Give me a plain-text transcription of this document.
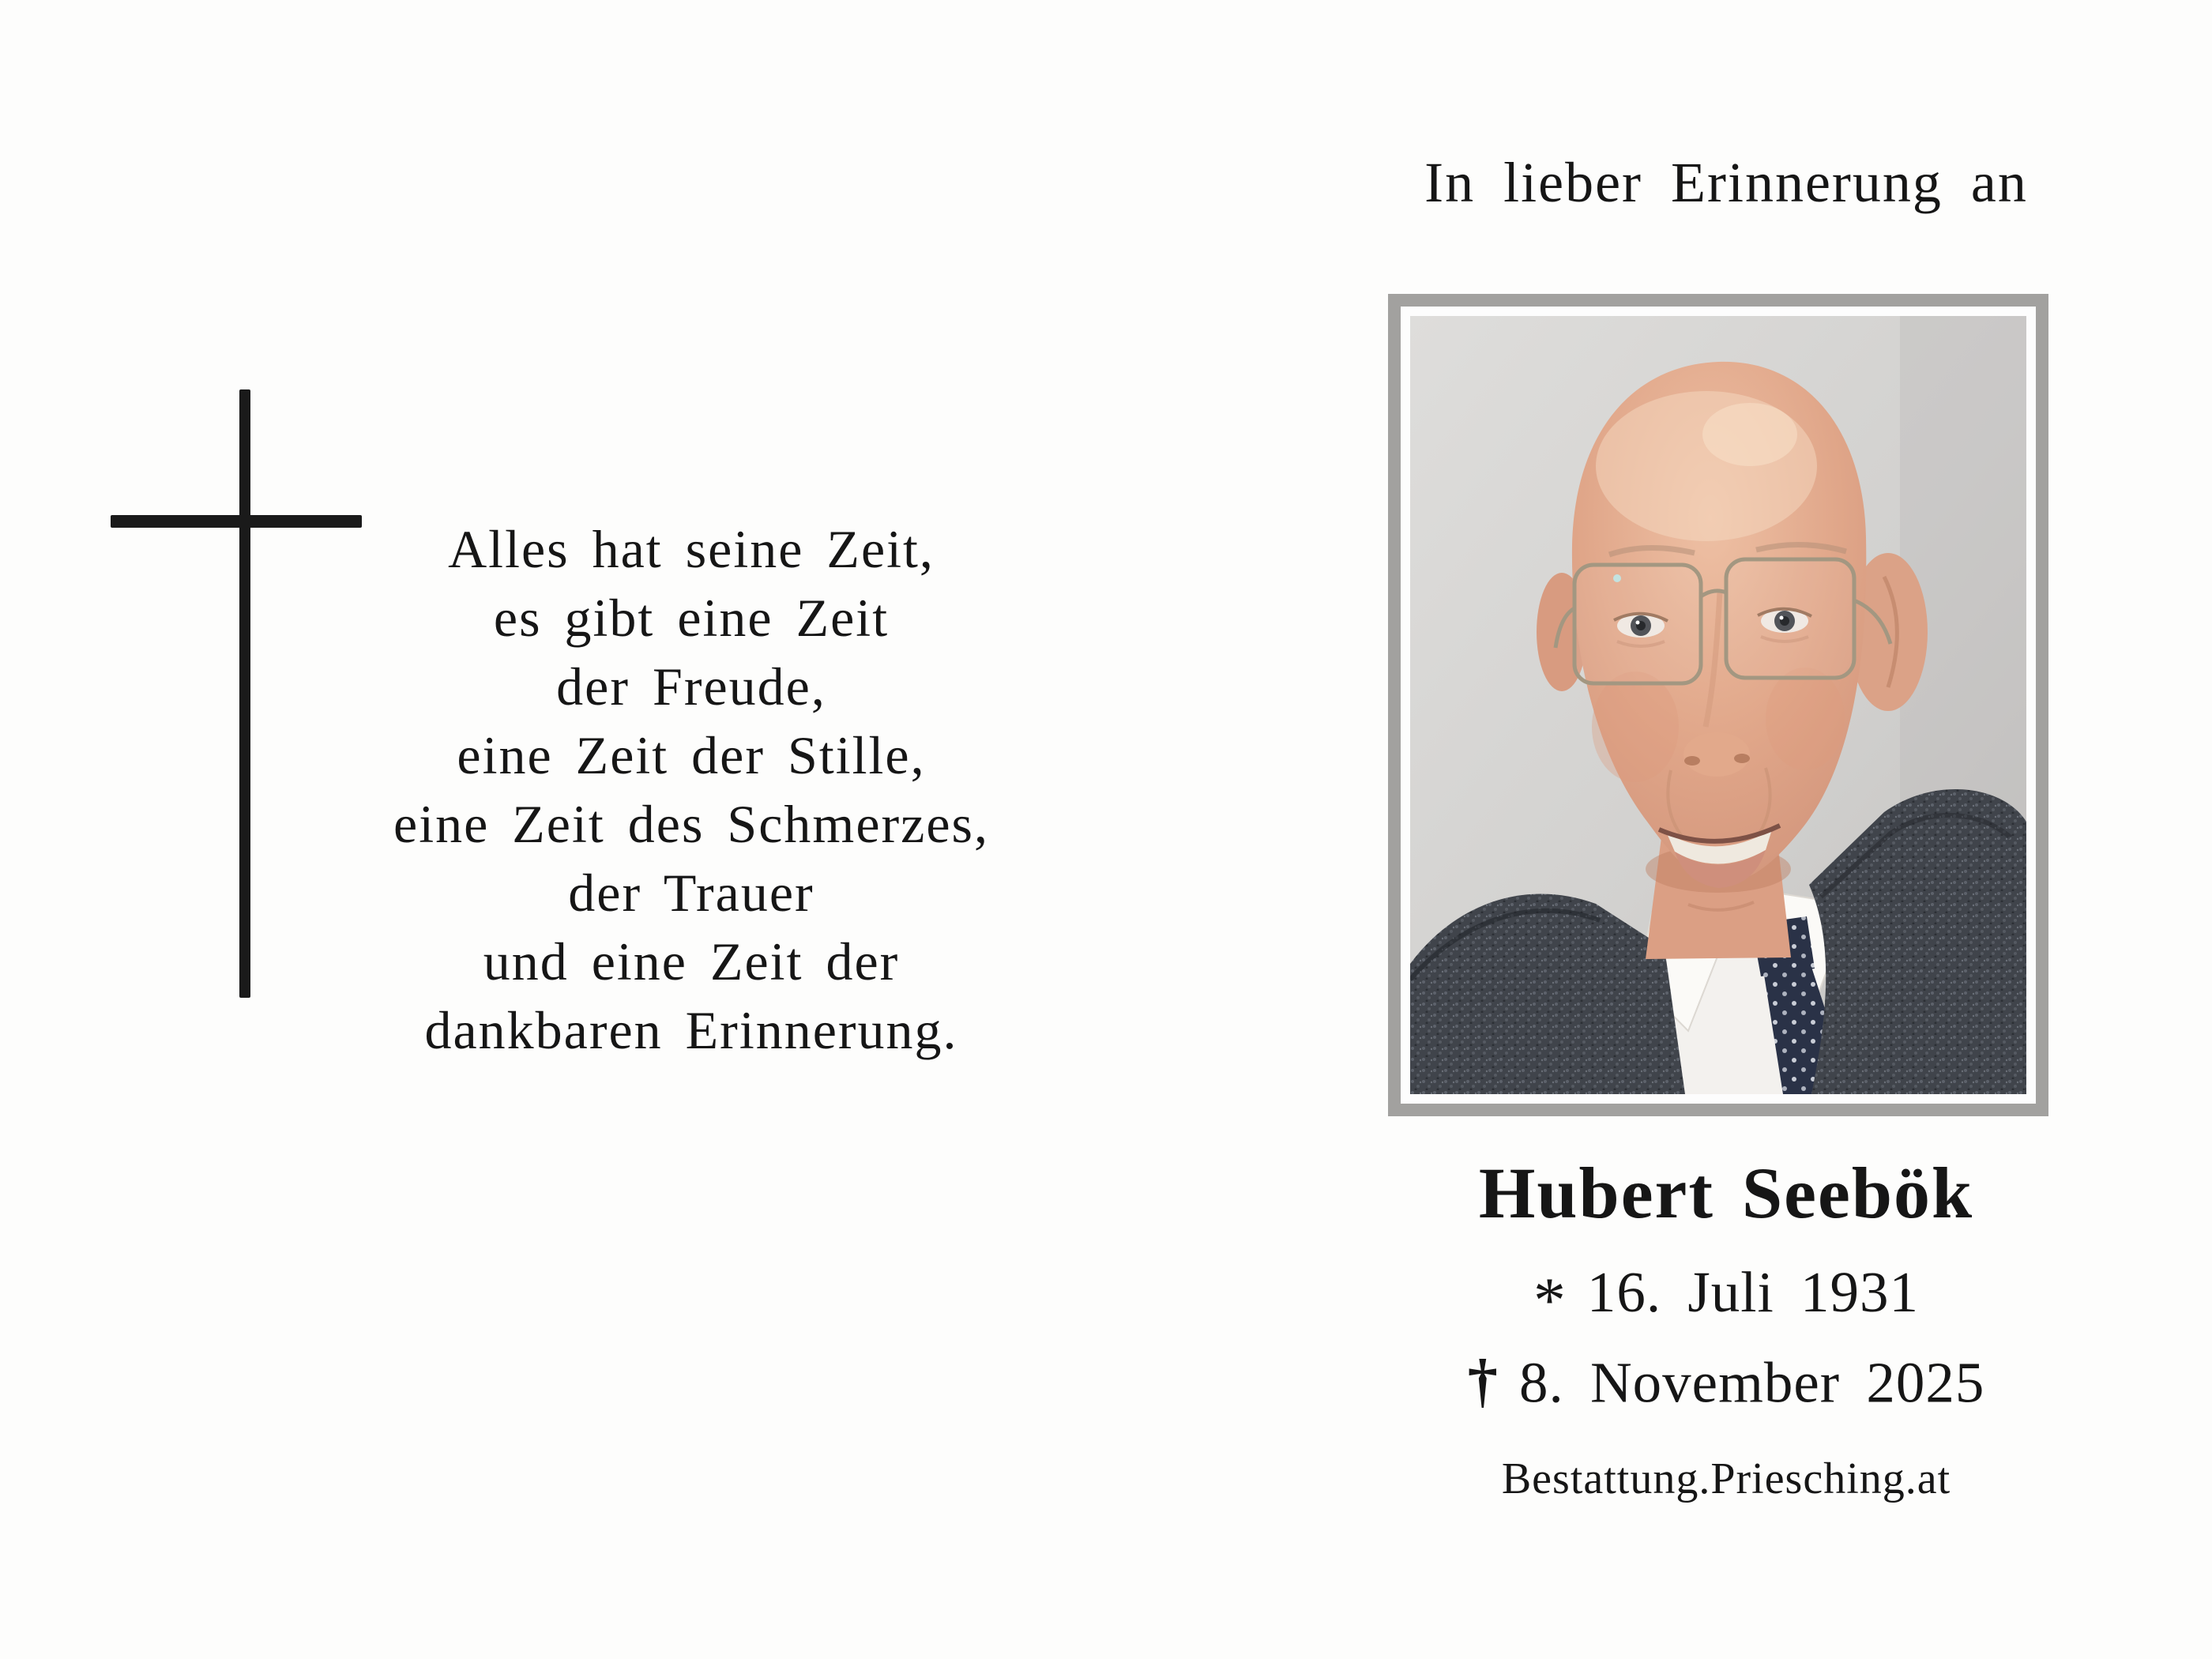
Alles hat seine Zeit,
es gibt eine Zeit
der Freude,
eine Zeit der Stille,
eine Zeit des Schmerzes,
der Trauer
und eine Zeit der
dankbaren Erinnerung.
In lieber Erinnerung an
Hubert Seebök
* 16. Juli 1931
† 8. November 2025
Bestattung.Priesching.at
